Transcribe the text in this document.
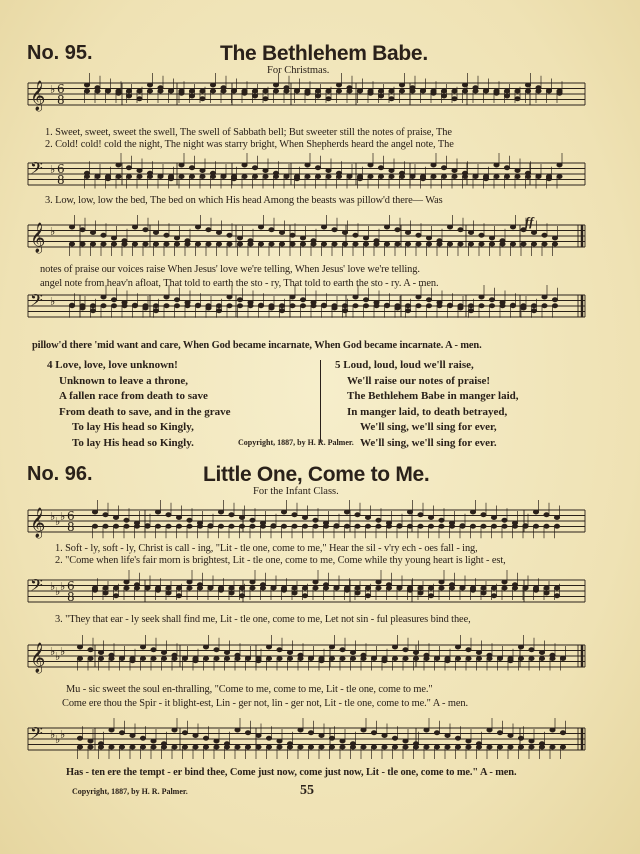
No. 95.	The Bethlehem Babe.
For Christmas.
𝄞 ♭ 6
8
𝄢 ♭ 6
8
𝄞 ♭
𝄢 ♭
𝄞 ♭ ♭ ♭ 6
8
𝄢 ♭ ♭ ♭ 6
8
𝄞 ♭ ♭ ♭
𝄢 ♭ ♭ ♭
1. Sweet, sweet, sweet the swell, The swell of Sabbath bell; But sweeter still the notes of praise, The
2. Cold! cold! cold the night, The night was starry bright, When Shepherds heard the angel note, The
3. Low, low, low the bed, The bed on which His head Among the beasts was pillow'd there— Was
ff
notes of praise our voices raise When Jesus' love we're telling, When Jesus' love we're telling.
angel note from heav'n afloat, That told to earth the sto - ry, That told to earth the sto - ry. A - men.
pillow'd there 'mid want and care, When God became incarnate, When God became incarnate. A - men.
4 Love, love, love unknown!
Unknown to leave a throne,
A fallen race from death to save
From death to save, and in the grave
To lay His head so Kingly,
To lay His head so Kingly.
5 Loud, loud, loud we'll raise,
We'll raise our notes of praise!
The Bethlehem Babe in manger laid,
In manger laid, to death betrayed,
We'll sing, we'll sing for ever,
We'll sing, we'll sing for ever.
Copyright, 1887, by H. R. Palmer.
No. 96.	Little One, Come to Me.
For the Infant Class.
1. Soft - ly, soft - ly, Christ is call - ing, "Lit - tle one, come to me," Hear the sil - v'ry ech - oes fall - ing,
2. "Come when life's fair morn is brightest, Lit - tle one, come to me, Come while thy young heart is light - est,
3. "They that ear - ly seek shall find me, Lit - tle one, come to me, Let not sin - ful pleasures bind thee,
Mu - sic sweet the soul en-thralling, "Come to me, come to me, Lit - tle one, come to me."
Come ere thou the Spir - it blight-est, Lin - ger not, lin - ger not, Lit - tle one, come to me." A - men.
Has - ten ere the tempt - er bind thee, Come just now, come just now, Lit - tle one, come to me." A - men.
Copyright, 1887, by H. R. Palmer.	55
